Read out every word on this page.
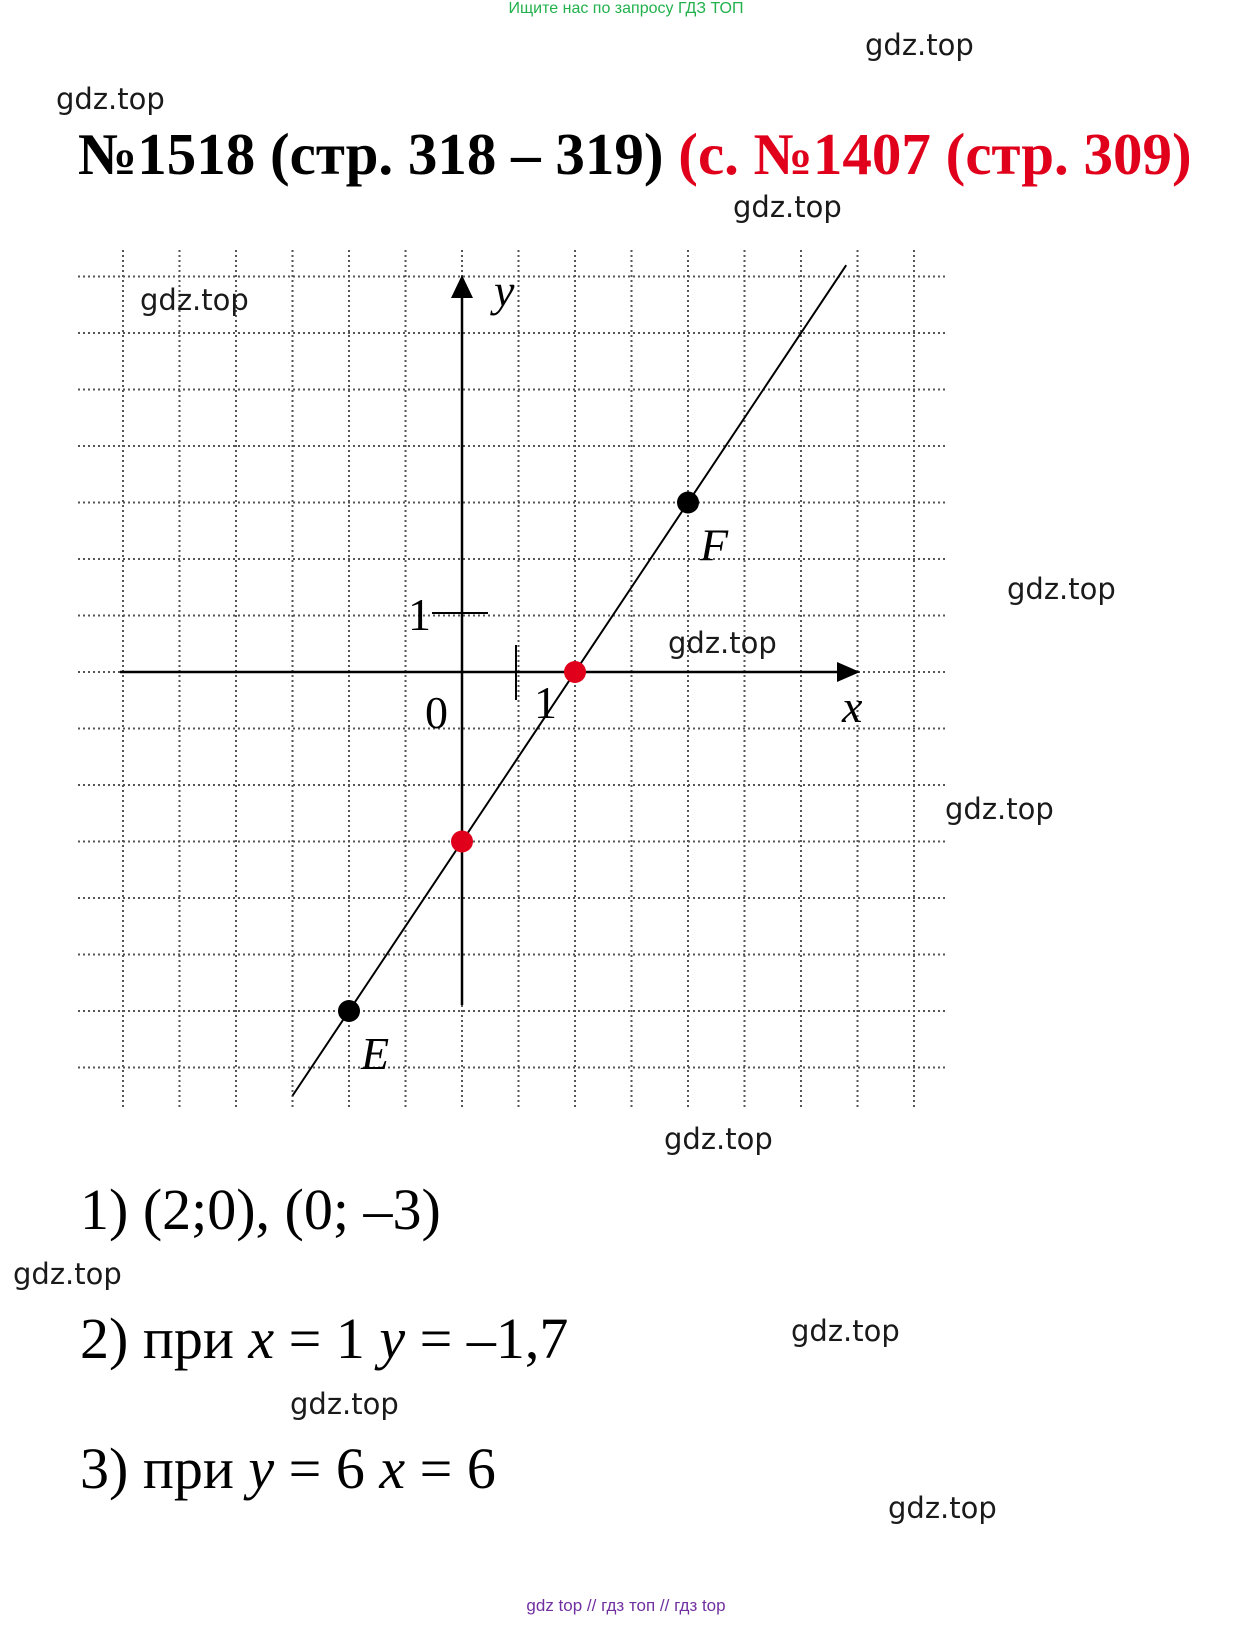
Ищите нас по запросу ГДЗ ТОП
gdz.top
gdz.top
№1518 (стр. 318 – 319) (с. №1407 (стр. 309)
gdz.top
F
E
x
y
0 1
1
gdz.top
gdz.top
gdz.top
gdz.top
gdz.top
1) (2;0), (0; –3)
gdz.top
2) при x = 1 y = –1,7	gdz.top
gdz.top
3) при y = 6 x = 6
gdz.top
gdz top // гдз топ // гдз top
